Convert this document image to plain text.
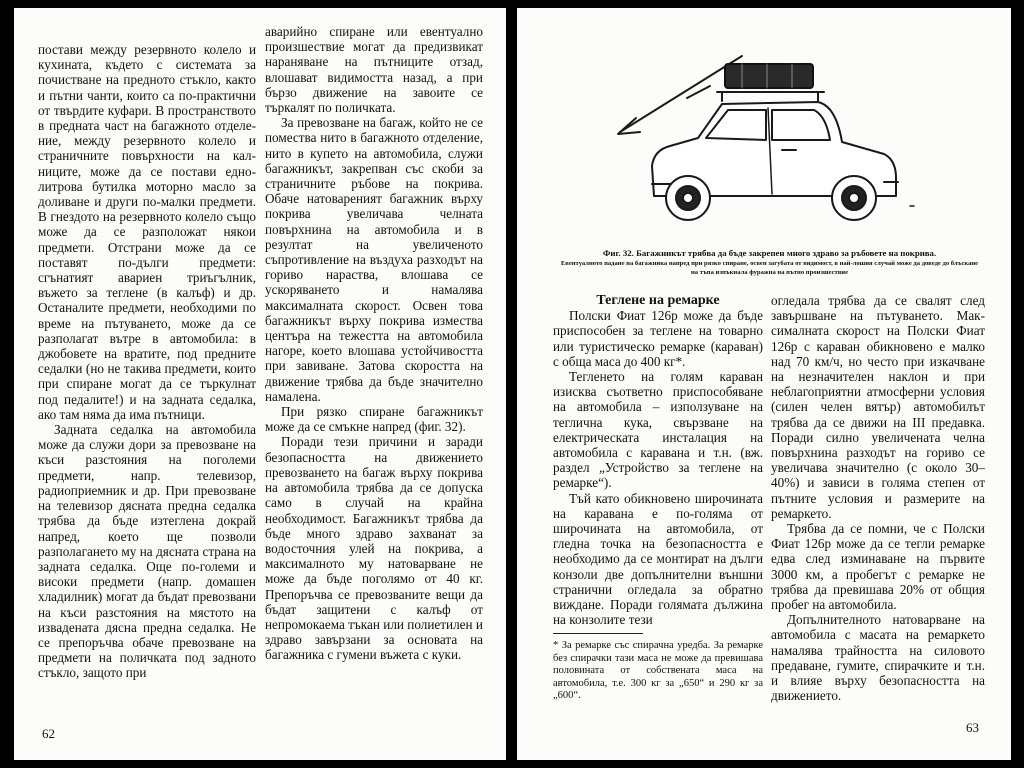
постави между резервното колело и кухината, където с системата за почистване на предното стъкло, както и пътни чанти, които са по-практични от твърдите куфари. В пространството в предната част на багажното отделение, между резервното колело и страничните повърхности на калниците, може да се постави еднолитрова бутилка моторно масло за доливане и други по-малки предмети. В гнездото на резервното колело също може да се разположат някои предмети. Отстрани може да се поставят по-дълги предмети: сгънатият авариен триъгълник, въжето за теглене (в калъф) и др. Останалите предмети, необходими по време на пътуването, може да се разполагат вътре в автомобила: в джобовете на вратите, под предните седалки (но не такива предмети, които при спиране могат да се търкулнат под педалите!) и на задната седалка, ако там няма да има пътници.

Задната седалка на автомобила може да служи дори за превозване на къси разстояния на поголеми предмети, напр. телевизор, радиоприемник и др. При превозване на телевизор дясната предна седалка трябва да бъде изтеглена докрай напред, което ще позволи разполагането му на дясната страна на задната седалка. Още по-големи и високи предмети (напр. домашен хладилник) могат да бъдат превозвани на къси разстояния на мястото на извадената дясна предна седалка. Не се препоръчва обаче превозване на предмети на поличката под задното стъкло, защото при

аварийно спиране или евентуално произшествие могат да предизвикат нараняване на пътниците отзад, влошават видимостта назад, а при бързо движение на завоите се търкалят по поличката.

За превозване на багаж, който не се помества нито в багажното отделение, нито в купето на автомобила, служи багажникът, закрепван със скоби за страничните ръбове на покрива. Обаче натовареният багажник върху покрива увеличава челната повърхнина на автомобила и в резултат на увеличеното съпротивление на въздуха разходът на гориво нараства, влошава се ускоряването и намалява максималната скорост. Освен това багажникът върху покрива измества центъра на тежестта на автомобила нагоре, което влошава устойчивостта при завиване. Затова скоростта на движение трябва да бъде значително намалена.

При рязко спиране багажникът може да се смъкне напред (фиг. 32).

Поради тези причини и заради безопасността на движението превозването на багаж върху покрива на автомобила трябва да се допуска само в случай на крайна необходимост. Багажникът трябва да бъде много здраво захванат за водосточния улей на покрива, а максималното му натоварване не може да бъде поголямо от 40 кг. Препоръчва се превозваните вещи да бъдат защитени с калъф от непромокаема тъкан или полиетилен и здраво завързани за основата на багажника с гумени въжета с куки.

62
Фиг. 32. Багажникът трябва да бъде закрепен много здраво за ръбовете на покрива.
Евентуалното падане на багажника напред при рязко спиране, освен загубата от видимост, в най-лошия случай може да доведе до блъскане на тъпа изпъкнала фуражна на пътно произшествие

Теглене на ремарке

Полски Фиат 126р може да бъде приспособен за теглене на товарно или туристическо ремарке (караван) с обща маса до 400 кг*.

Теглeнето на голям караван изисква съответно приспособяване на автомобила – използуване на теглична кука, свързване на електрическата инсталация на автомобила с каравана и т.н. (вж. раздел „Устройство за теглене на ремарке“).

Тъй като обикновено широчината на каравана е по-голяма от широчината на автомобила, от гледна точка на безопасността е необходимо да се монтират на дълги конзоли две допълнителни външни странични огледала за обратно виждане. Поради голямата дължина на конзолите тези

* За ремарке със спирачна уредба. За ремарке без спирачки тази маса не може да превишава половината от собствената маса на автомобила, т.е. 300 кг за „650“ и 290 кг за „600“.

огледала трябва да се свалят след завършване на пътуването. Максималната скорост на Полски Фиат 126р с караван обикновено е малко над 70 км/ч, но често при изкачване на незначителен наклон и при неблагоприятни атмосферни условия (силен челен вятър) автомобилът трябва да се движи на III предавка. Поради силно увеличената челна повърхнина разходът на гориво се увеличава значително (с около 30–40%) и зависи в голяма степен от пътните условия и размерите на ремаркето.

Трябва да се помни, че с Полски Фиат 126р може да се тегли ремарке едва след изминаване на първите 3000 км, а пробегът с ремарке не трябва да превишава 20% от общия пробег на автомобила.

Допълнителното натоварване на автомобила с масата на ремаркето намалява трайността на силовото предаване, гумите, спирачките и т.н. и влияе върху безопасността на движението.

63
